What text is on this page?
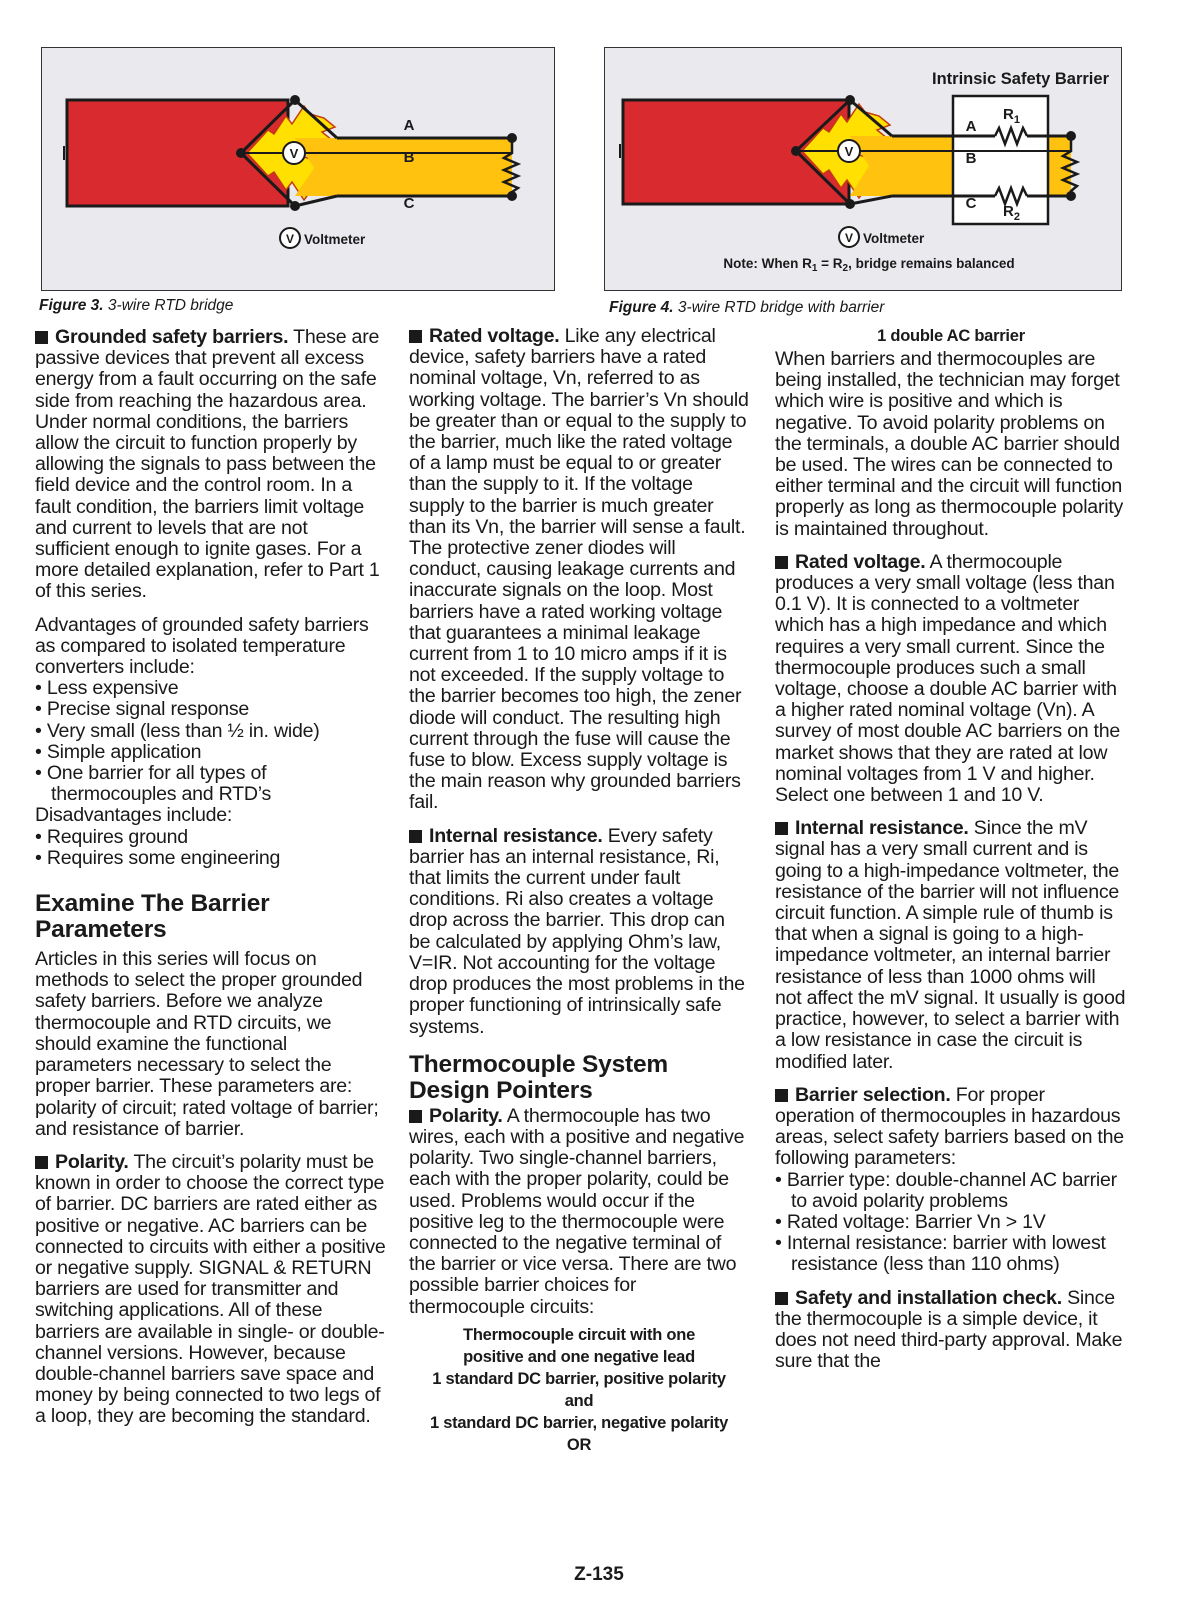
V
A
B
C
V Voltmeter
Figure 3. 3-wire RTD bridge
Intrinsic Safety Barrier
V
A
B
C
$R_1$
$R_2$
V Voltmeter
Note: When $R_1 = R_2$, bridge remains balanced
Figure 4. 3-wire RTD bridge with barrier

Grounded safety barriers. These are passive devices that prevent all excess energy from a fault occurring on the safe side from reaching the hazardous area. Under normal conditions, the barriers allow the circuit to function properly by allowing the signals to pass between the field device and the control room. In a fault condition, the barriers limit voltage and current to levels that are not sufficient enough to ignite gases. For a more detailed explanation, refer to Part 1 of this series.

Advantages of grounded safety barriers as compared to isolated temperature converters include:

• Less expensive
• Precise signal response
• Very small (less than ½ in. wide)
• Simple application
• One barrier for all types of thermocouples and RTD’s

Disadvantages include:

• Requires ground
• Requires some engineering
Examine The Barrier Parameters

Articles in this series will focus on methods to select the proper grounded safety barriers. Before we analyze thermocouple and RTD circuits, we should examine the functional parameters necessary to select the proper barrier. These parameters are: polarity of circuit; rated voltage of barrier; and resistance of barrier.

Polarity. The circuit’s polarity must be known in order to choose the correct type of barrier. DC barriers are rated either as positive or negative. AC barriers can be connected to circuits with either a positive or negative supply. SIGNAL & RETURN barriers are used for transmitter and switching applications. All of these barriers are available in single- or double-channel versions. However, because double-channel barriers save space and money by being connected to two legs of a loop, they are becoming the standard.

Rated voltage. Like any electrical device, safety barriers have a rated nominal voltage, Vn, referred to as working voltage. The barrier’s Vn should be greater than or equal to the supply to the barrier, much like the rated voltage of a lamp must be equal to or greater than the supply to it. If the voltage supply to the barrier is much greater than its Vn, the barrier will sense a fault. The protective zener diodes will conduct, causing leakage currents and inaccurate signals on the loop. Most barriers have a rated working voltage that guarantees a minimal leakage current from 1 to 10 micro amps if it is not exceeded. If the supply voltage to the barrier becomes too high, the zener diode will conduct. The resulting high current through the fuse will cause the fuse to blow. Excess supply voltage is the main reason why grounded barriers fail.

Internal resistance. Every safety barrier has an internal resistance, Ri, that limits the current under fault conditions. Ri also creates a voltage drop across the barrier. This drop can be calculated by applying Ohm’s law, V=IR. Not accounting for the voltage drop produces the most problems in the proper functioning of intrinsically safe systems.

Thermocouple System Design Pointers

Polarity. A thermocouple has two wires, each with a positive and negative polarity. Two single-channel barriers, each with the proper polarity, could be used. Problems would occur if the positive leg to the thermocouple were connected to the negative terminal of the barrier or vice versa. There are two possible barrier choices for thermocouple circuits:

Thermocouple circuit with one positive and one negative lead

1 standard DC barrier, positive polarity

and

1 standard DC barrier, negative polarity

OR

1 double AC barrier

When barriers and thermocouples are being installed, the technician may forget which wire is positive and which is negative. To avoid polarity problems on the terminals, a double AC barrier should be used. The wires can be connected to either terminal and the circuit will function properly as long as thermocouple polarity is maintained throughout.

Rated voltage. A thermocouple produces a very small voltage (less than 0.1 V). It is connected to a voltmeter which has a high impedance and which requires a very small current. Since the thermocouple produces such a small voltage, choose a double AC barrier with a higher rated nominal voltage (Vn). A survey of most double AC barriers on the market shows that they are rated at low nominal voltages from 1 V and higher. Select one between 1 and 10 V.

Internal resistance. Since the mV signal has a very small current and is going to a high-impedance voltmeter, the resistance of the barrier will not influence circuit function. A simple rule of thumb is that when a signal is going to a high-impedance voltmeter, an internal barrier resistance of less than 1000 ohms will not affect the mV signal. It usually is good practice, however, to select a barrier with a low resistance in case the circuit is modified later.

Barrier selection. For proper operation of thermocouples in hazardous areas, select safety barriers based on the following parameters:

• Barrier type: double-channel AC barrier to avoid polarity problems
• Rated voltage: Barrier Vn > 1V
• Internal resistance: barrier with lowest resistance (less than 110 ohms)

Safety and installation check. Since the thermocouple is a simple device, it does not need third-party approval. Make sure that the

Z-135
